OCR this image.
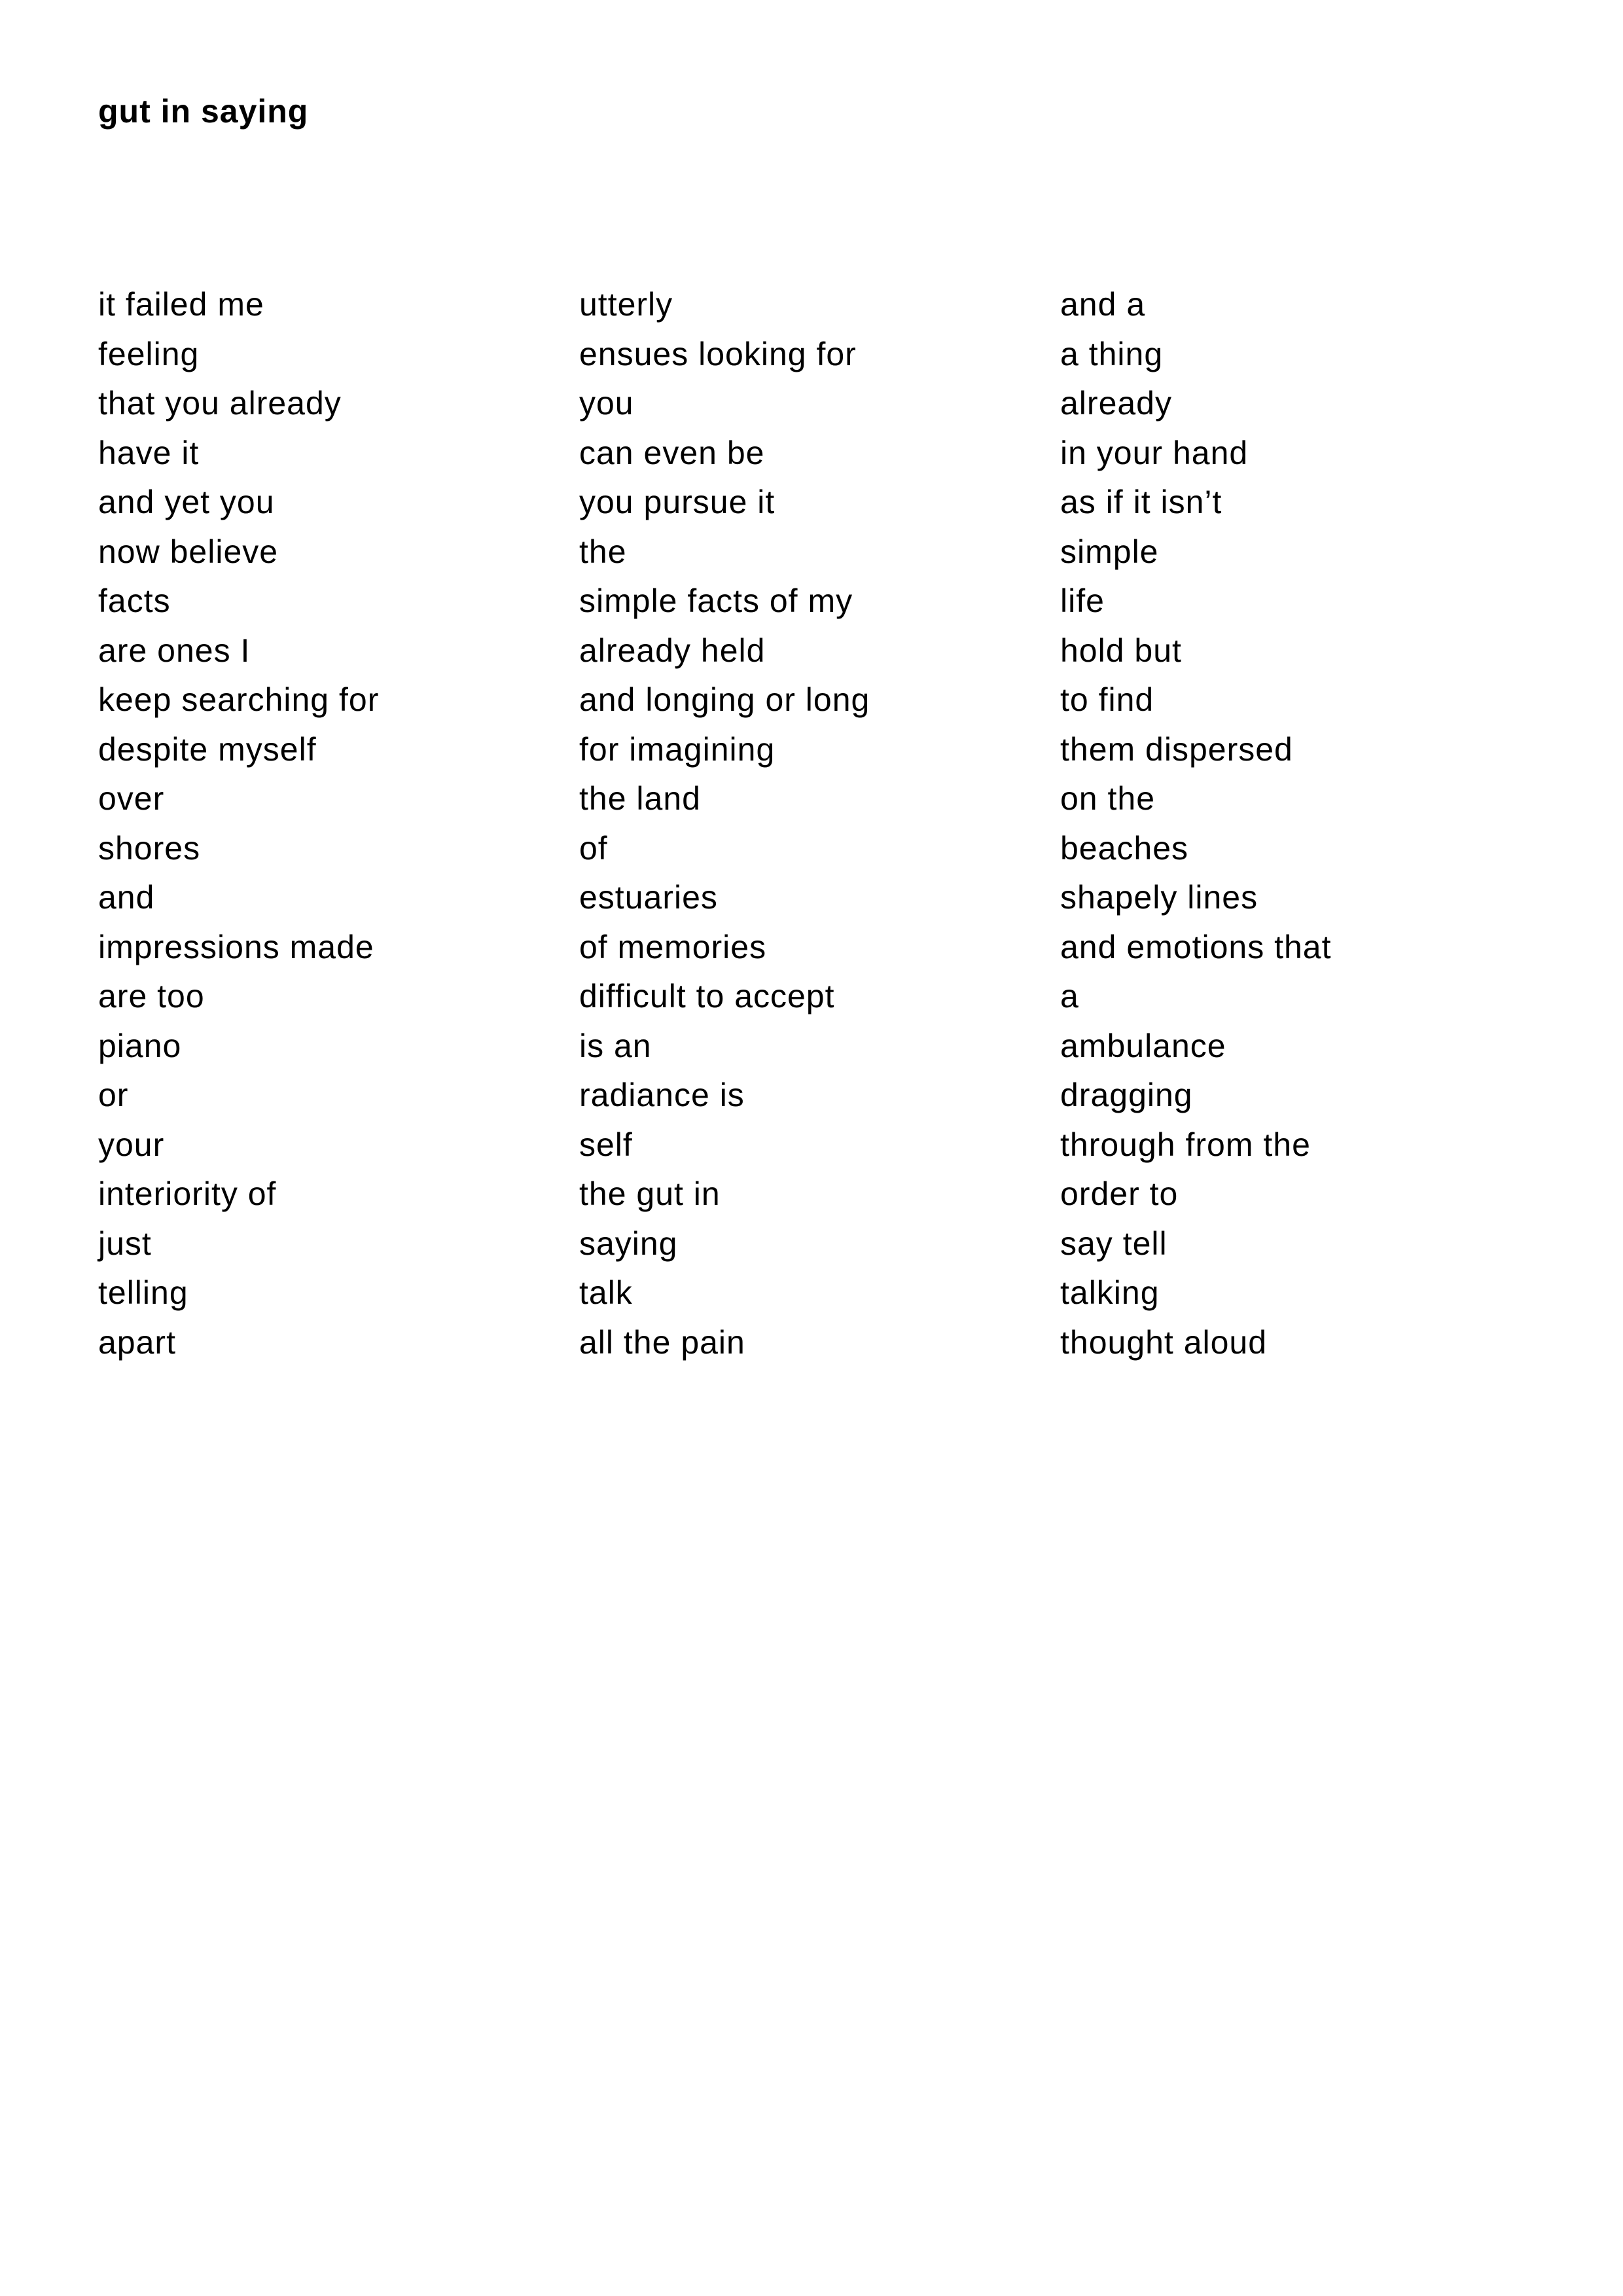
gut in saying
it failed me
feeling
that you already
have it
and yet you
now believe
facts
are ones I
keep searching for
despite myself
over
shores
and
impressions made
are too
piano
or
your
interiority of
just
telling
apart
utterly
ensues looking for
you
can even be
you pursue it
the
simple facts of my
already held
and longing or long
for imagining
the land
of
estuaries
of memories
difficult to accept
is an
radiance is
self
the gut in
saying
talk
all the pain
and a
a thing
already
in your hand
as if it isn’t
simple
life
hold but
to find
them dispersed
on the
beaches
shapely lines
and emotions that
a
ambulance
dragging
through from the
order to
say tell
talking
thought aloud
